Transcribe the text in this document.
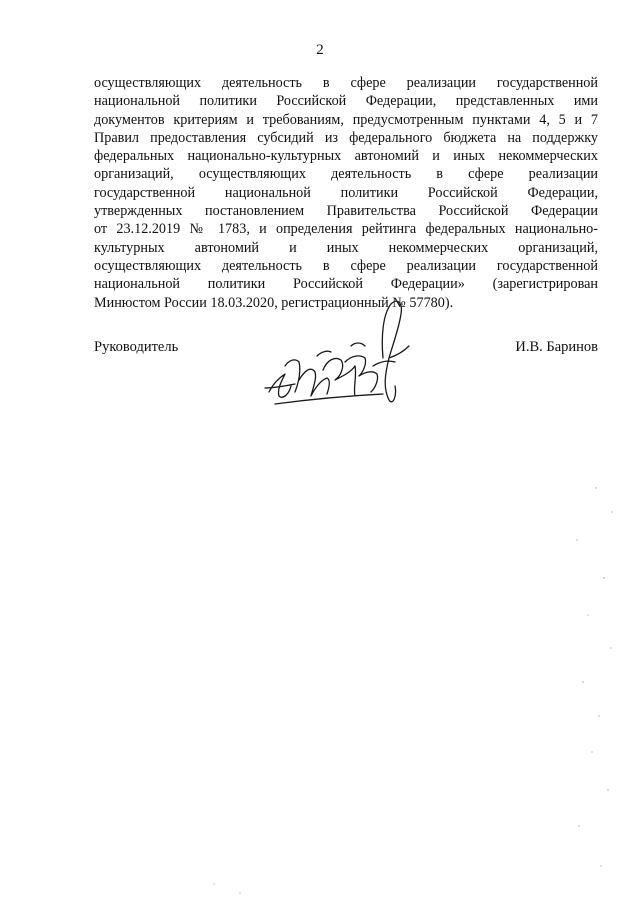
2
осуществляющих деятельность в сфере реализации государственной
национальной политики Российской Федерации, представленных ими
документов критериям и требованиям, предусмотренным пунктами 4, 5 и 7
Правил предоставления субсидий из федерального бюджета на поддержку
федеральных национально-культурных автономий и иных некоммерческих
организаций, осуществляющих деятельность в сфере реализации
государственной национальной политики Российской Федерации,
утвержденных постановлением Правительства Российской Федерации
от 23.12.2019 № 1783, и определения рейтинга федеральных национально-
культурных автономий и иных некоммерческих организаций,
осуществляющих деятельность в сфере реализации государственной
национальной политики Российской Федерации» (зарегистрирован
Минюстом России 18.03.2020, регистрационный № 57780).
Руководитель	И.В. Баринов
